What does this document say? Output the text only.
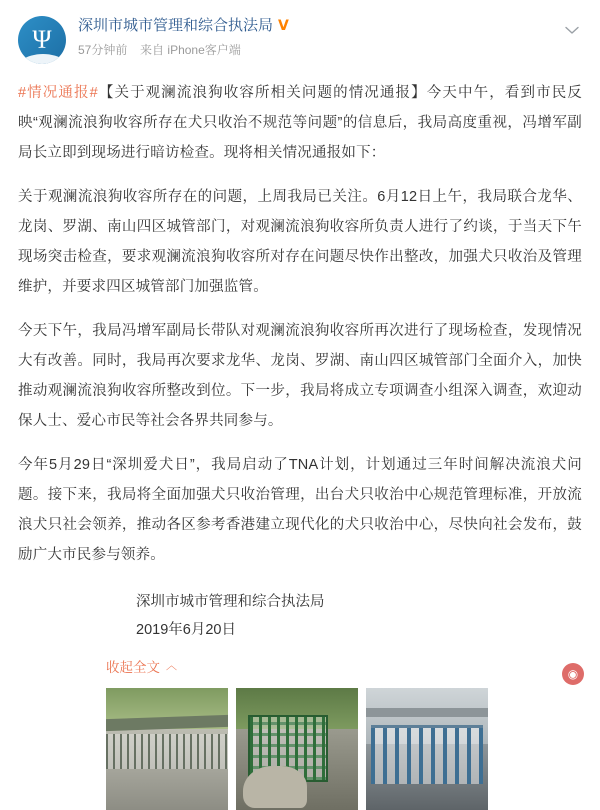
Ψ	深圳市城市管理和综合执法局 V
57分钟前 来自 iPhone客户端

#情况通报#【关于观澜流浪狗收容所相关问题的情况通报】今天中午，看到市民反映“观澜流浪狗收容所存在犬只收治不规范等问题”的信息后，我局高度重视，冯增军副局长立即到现场进行暗访检查。现将相关情况通报如下：

关于观澜流浪狗收容所存在的问题，上周我局已关注。6月12日上午，我局联合龙华、龙岗、罗湖、南山四区城管部门，对观澜流浪狗收容所负责人进行了约谈，于当天下午现场突击检查，要求观澜流浪狗收容所对存在问题尽快作出整改，加强犬只收治及管理维护，并要求四区城管部门加强监管。

今天下午，我局冯增军副局长带队对观澜流浪狗收容所再次进行了现场检查，发现情况大有改善。同时，我局再次要求龙华、龙岗、罗湖、南山四区城管部门全面介入，加快推动观澜流浪狗收容所整改到位。下一步，我局将成立专项调查小组深入调查，欢迎动保人士、爱心市民等社会各界共同参与。

今年5月29日“深圳爱犬日”，我局启动了TNA计划，计划通过三年时间解决流浪犬问题。接下来，我局将全面加强犬只收治管理，出台犬只收治中心规范管理标准，开放流浪犬只社会领养，推动各区参考香港建立现代化的犬只收治中心，尽快向社会发布，鼓励广大市民参与领养。

深圳市城市管理和综合执法局
2019年6月20日
收起全文 ︿
◉
